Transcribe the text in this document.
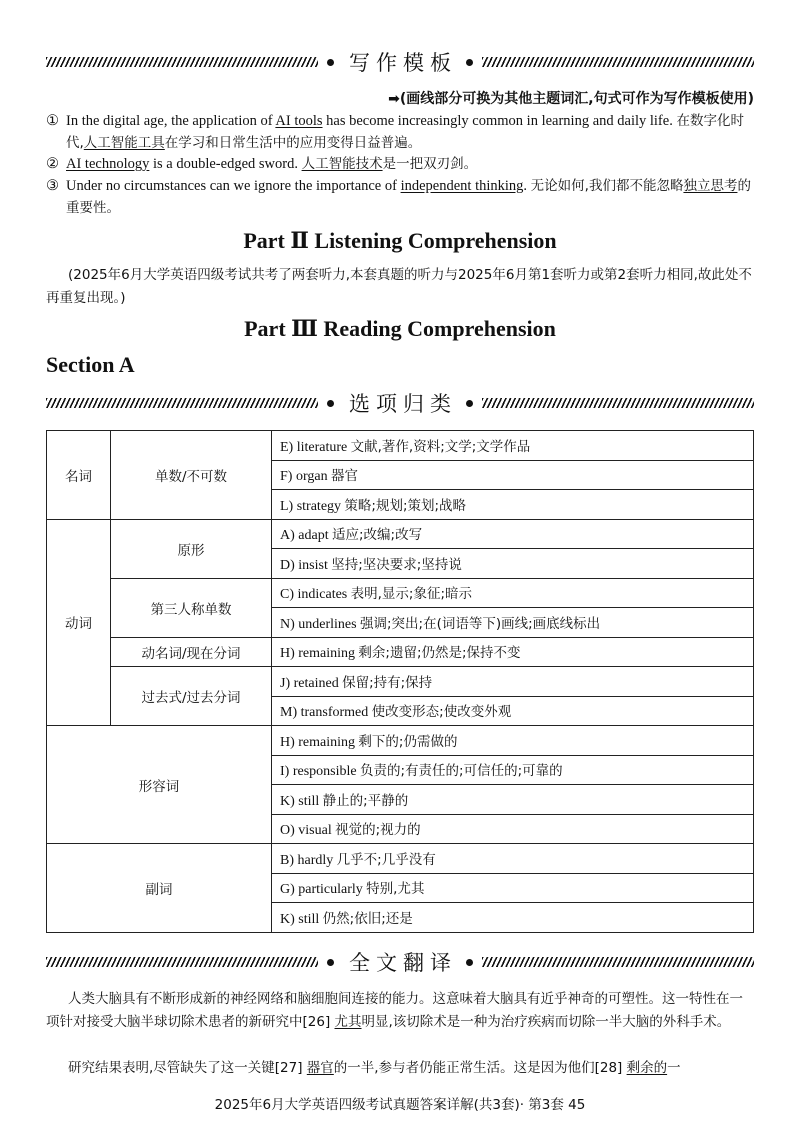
写作模板
➡(画线部分可换为其他主题词汇,句式可作为写作模板使用)
① In the digital age, the application of AI tools has become increasingly common in learning and daily life. 在数字化时代,人工智能工具在学习和日常生活中的应用变得日益普遍。
② AI technology is a double-edged sword. 人工智能技术是一把双刃剑。
③ Under no circumstances can we ignore the importance of independent thinking. 无论如何,我们都不能忽略独立思考的重要性。
Part Ⅱ Listening Comprehension
(2025年6月大学英语四级考试共考了两套听力,本套真题的听力与2025年6月第1套听力或第2套听力相同,故此处不再重复出现。)
Part Ⅲ Reading Comprehension
Section A
选项归类
名词	单数/不可数	E) literature 文献,著作,资料;文学;文学作品
		F) organ 器官
		L) strategy 策略;规划;策划;战略
动词	原形	A) adapt 适应;改编;改写
		D) insist 坚持;坚决要求;坚持说
	第三人称单数	C) indicates 表明,显示;象征;暗示
		N) underlines 强调;突出;在(词语等下)画线;画底线标出
	动名词/现在分词	H) remaining 剩余;遗留;仍然是;保持不变
	过去式/过去分词	J) retained 保留;持有;保持
		M) transformed 使改变形态;使改变外观
形容词		H) remaining 剩下的;仍需做的
		I) responsible 负责的;有责任的;可信任的;可靠的
		K) still 静止的;平静的
		O) visual 视觉的;视力的
副词		B) hardly 几乎不;几乎没有
		G) particularly 特别,尤其
		K) still 仍然;依旧;还是
全文翻译
人类大脑具有不断形成新的神经网络和脑细胞间连接的能力。这意味着大脑具有近乎神奇的可塑性。这一特性在一项针对接受大脑半球切除术患者的新研究中[26] 尤其明显,该切除术是一种为治疗疾病而切除一半大脑的外科手术。
研究结果表明,尽管缺失了这一关键[27] 器官的一半,参与者仍能正常生活。这是因为他们[28] 剩余的一
2025年6月大学英语四级考试真题答案详解(共3套)· 第3套 45
